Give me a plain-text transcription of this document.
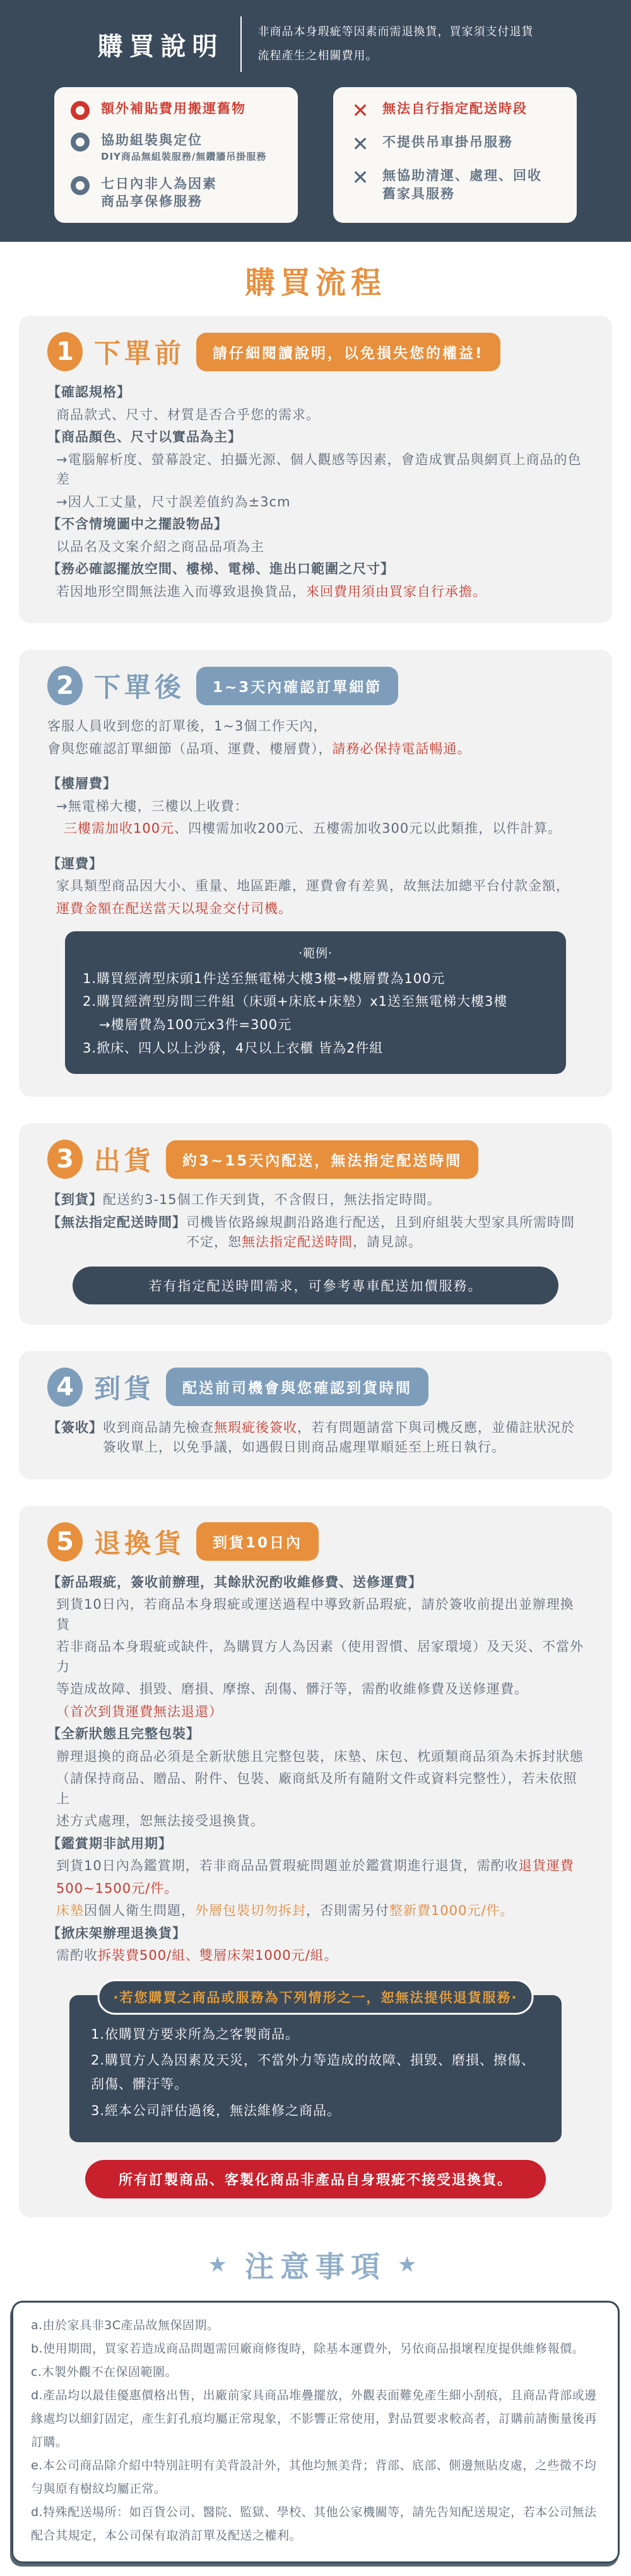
購買說明	非商品本身瑕疵等因素而需退換貨，買家須支付退貨
流程產生之相關費用。
額外補貼費用搬運舊物
協助組裝與定位
DIY商品無組裝服務/無鑽牆吊掛服務
七日內非人為因素
商品享保修服務
✕ 無法自行指定配送時段
✕ 不提供吊車掛吊服務
✕ 無協助清運、處理、回收
舊家具服務
購買流程
1 下單前	請仔細閱讀說明，以免損失您的權益!

【確認規格】

商品款式、尺寸、材質是否合乎您的需求。

【商品顏色、尺寸以實品為主】

→電腦解析度、螢幕設定、拍攝光源、個人觀感等因素，會造成實品與網頁上商品的色差

→因人工丈量，尺寸誤差值約為±3cm

【不含情境圖中之擺設物品】

以品名及文案介紹之商品品項為主

【務必確認擺放空間、樓梯、電梯、進出口範圍之尺寸】

若因地形空間無法進入而導致退換貨品，來回費用須由買家自行承擔。

2 下單後	1~3天內確認訂單細節

客服人員收到您的訂單後，1~3個工作天內，

會與您確認訂單細節（品項、運費、樓層費），請務必保持電話暢通。

【樓層費】

→無電梯大樓，三樓以上收費：

三樓需加收100元、四樓需加收200元、五樓需加收300元以此類推，以件計算。

【運費】

家具類型商品因大小、重量、地區距離，運費會有差異，故無法加總平台付款金額，

運費金額在配送當天以現金交付司機。

·範例·

1.購買經濟型床頭1件送至無電梯大樓3樓→樓層費為100元

2.購買經濟型房間三件組（床頭+床底+床墊）x1送至無電梯大樓3樓

→樓層費為100元x3件=300元

3.掀床、四人以上沙發，4尺以上衣櫃 皆為2件組

3 出貨	約3~15天內配送，無法指定配送時間

【到貨】 配送約3-15個工作天到貨，不含假日，無法指定時間。

【無法指定配送時間】 司機皆依路線規劃沿路進行配送，且到府組裝大型家具所需時間不定，恕無法指定配送時間，請見諒。

若有指定配送時間需求，可參考專車配送加價服務。
4 到貨	配送前司機會與您確認到貨時間

【簽收】 收到商品請先檢查無瑕疵後簽收，若有問題請當下與司機反應，並備註狀況於簽收單上，以免爭議，如遇假日則商品處理單順延至上班日執行。

5 退換貨	到貨10日內

【新品瑕疵，簽收前辦理，其餘狀況酌收維修費、送修運費】

到貨10日內，若商品本身瑕疵或運送過程中導致新品瑕疵，請於簽收前提出並辦理換貨

若非商品本身瑕疵或缺件，為購買方人為因素（使用習慣、居家環境）及天災、不當外力

等造成故障、損毀、磨損、摩擦、刮傷、髒汙等，需酌收維修費及送修運費。

（首次到貨運費無法退還）

【全新狀態且完整包裝】

辦理退換的商品必須是全新狀態且完整包裝，床墊、床包、枕頭類商品須為未拆封狀態

（請保持商品、贈品、附件、包裝、廠商紙及所有隨附文件或資料完整性），若未依照上

述方式處理，恕無法接受退換貨。

【鑑賞期非試用期】

到貨10日內為鑑賞期，若非商品品質瑕疵問題並於鑑賞期進行退貨，需酌收退貨運費

500~1500元/件。

床墊因個人衛生問題，外層包裝切勿拆封，否則需另付整新費1000元/件。

【掀床架辦理退換貨】

需酌收拆裝費500/組、雙層床架1000元/組。

·若您購買之商品或服務為下列情形之一，恕無法提供退貨服務·

1.依購買方要求所為之客製商品。

2.購買方人為因素及天災，不當外力等造成的故障、損毀、磨損、擦傷、刮傷、髒汙等。

3.經本公司評估過後，無法維修之商品。

所有訂製商品、客製化商品非產品自身瑕疵不接受退換貨。
★ 注意事項 ★

a.由於家具非3C產品故無保固期。

b.使用期間，買家若造成商品問題需回廠商修復時，除基本運費外，另依商品損壞程度提供維修報價。

c.木製外觀不在保固範圍。

d.產品均以最佳優惠價格出售，出廠前家具商品堆疊擺放，外觀表面難免產生細小刮痕，且商品背部或邊緣處均以細釘固定，產生釘孔痕均屬正常現象，不影響正常使用，對品質要求較高者，訂購前請衡量後再訂購。

e.本公司商品除介紹中特別註明有美背設計外，其他均無美背；背部、底部、側邊無貼皮處，之些微不均勻與原有樹紋均屬正常。

d.特殊配送場所：如百貨公司、醫院、監獄、學校、其他公家機關等，請先告知配送規定，若本公司無法配合其規定，本公司保有取消訂單及配送之權利。
